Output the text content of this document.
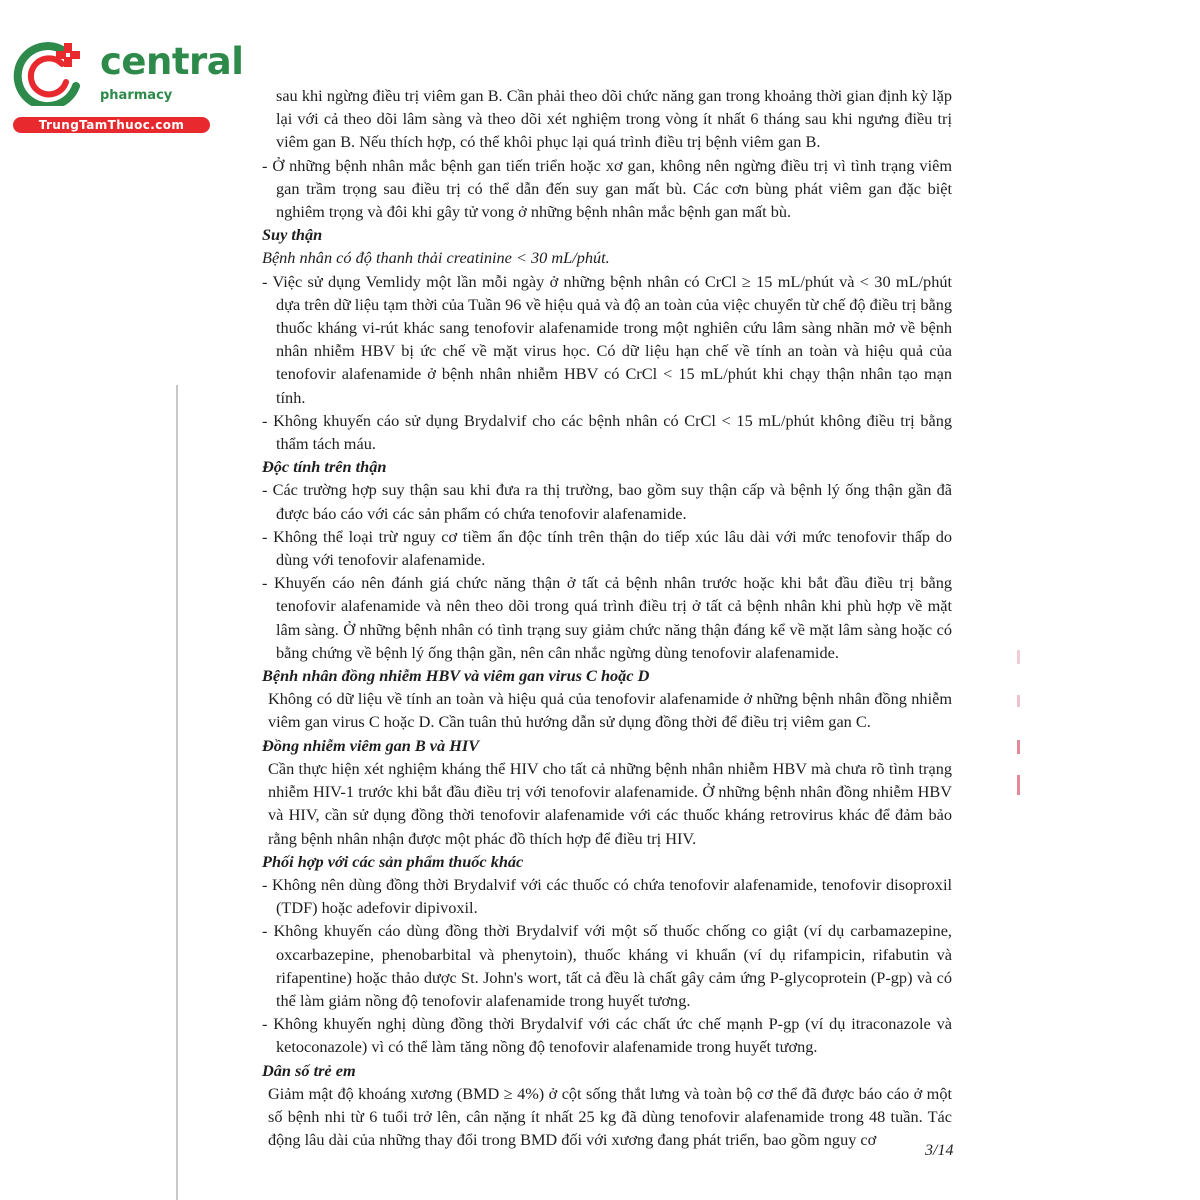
central
pharmacy
TrungTamThuoc.com

sau khi ngừng điều trị viêm gan B. Cần phải theo dõi chức năng gan trong khoảng thời gian định kỳ lặp lại với cả theo dõi lâm sàng và theo dõi xét nghiệm trong vòng ít nhất 6 tháng sau khi ngưng điều trị viêm gan B. Nếu thích hợp, có thể khôi phục lại quá trình điều trị bệnh viêm gan B.

- Ở những bệnh nhân mắc bệnh gan tiến triển hoặc xơ gan, không nên ngừng điều trị vì tình trạng viêm gan trầm trọng sau điều trị có thể dẫn đến suy gan mất bù. Các cơn bùng phát viêm gan đặc biệt nghiêm trọng và đôi khi gây tử vong ở những bệnh nhân mắc bệnh gan mất bù.

Suy thận

Bệnh nhân có độ thanh thải creatinine < 30 mL/phút.

- Việc sử dụng Vemlidy một lần mỗi ngày ở những bệnh nhân có CrCl ≥ 15 mL/phút và < 30 mL/phút dựa trên dữ liệu tạm thời của Tuần 96 về hiệu quả và độ an toàn của việc chuyển từ chế độ điều trị bằng thuốc kháng vi-rút khác sang tenofovir alafenamide trong một nghiên cứu lâm sàng nhãn mở về bệnh nhân nhiễm HBV bị ức chế về mặt virus học. Có dữ liệu hạn chế về tính an toàn và hiệu quả của tenofovir alafenamide ở bệnh nhân nhiễm HBV có CrCl < 15 mL/phút khi chạy thận nhân tạo mạn tính.

- Không khuyến cáo sử dụng Brydalvif cho các bệnh nhân có CrCl < 15 mL/phút không điều trị bằng thẩm tách máu.

Độc tính trên thận

- Các trường hợp suy thận sau khi đưa ra thị trường, bao gồm suy thận cấp và bệnh lý ống thận gần đã được báo cáo với các sản phẩm có chứa tenofovir alafenamide.

- Không thể loại trừ nguy cơ tiềm ẩn độc tính trên thận do tiếp xúc lâu dài với mức tenofovir thấp do dùng với tenofovir alafenamide.

- Khuyến cáo nên đánh giá chức năng thận ở tất cả bệnh nhân trước hoặc khi bắt đầu điều trị bằng tenofovir alafenamide và nên theo dõi trong quá trình điều trị ở tất cả bệnh nhân khi phù hợp về mặt lâm sàng. Ở những bệnh nhân có tình trạng suy giảm chức năng thận đáng kể về mặt lâm sàng hoặc có bằng chứng về bệnh lý ống thận gần, nên cân nhắc ngừng dùng tenofovir alafenamide.

Bệnh nhân đồng nhiễm HBV và viêm gan virus C hoặc D

Không có dữ liệu về tính an toàn và hiệu quả của tenofovir alafenamide ở những bệnh nhân đồng nhiễm viêm gan virus C hoặc D. Cần tuân thủ hướng dẫn sử dụng đồng thời để điều trị viêm gan C.

Đồng nhiễm viêm gan B và HIV

Cần thực hiện xét nghiệm kháng thể HIV cho tất cả những bệnh nhân nhiễm HBV mà chưa rõ tình trạng nhiễm HIV-1 trước khi bắt đầu điều trị với tenofovir alafenamide. Ở những bệnh nhân đồng nhiễm HBV và HIV, cần sử dụng đồng thời tenofovir alafenamide với các thuốc kháng retrovirus khác để đảm bảo rằng bệnh nhân nhận được một phác đồ thích hợp để điều trị HIV.

Phối hợp với các sản phẩm thuốc khác

- Không nên dùng đồng thời Brydalvif với các thuốc có chứa tenofovir alafenamide, tenofovir disoproxil (TDF) hoặc adefovir dipivoxil.

- Không khuyến cáo dùng đồng thời Brydalvif với một số thuốc chống co giật (ví dụ carbamazepine, oxcarbazepine, phenobarbital và phenytoin), thuốc kháng vi khuẩn (ví dụ rifampicin, rifabutin và rifapentine) hoặc thảo dược St. John's wort, tất cả đều là chất gây cảm ứng P-glycoprotein (P-gp) và có thể làm giảm nồng độ tenofovir alafenamide trong huyết tương.

- Không khuyến nghị dùng đồng thời Brydalvif với các chất ức chế mạnh P-gp (ví dụ itraconazole và ketoconazole) vì có thể làm tăng nồng độ tenofovir alafenamide trong huyết tương.

Dân số trẻ em

Giảm mật độ khoáng xương (BMD ≥ 4%) ở cột sống thắt lưng và toàn bộ cơ thể đã được báo cáo ở một số bệnh nhi từ 6 tuổi trở lên, cân nặng ít nhất 25 kg đã dùng tenofovir alafenamide trong 48 tuần. Tác động lâu dài của những thay đổi trong BMD đối với xương đang phát triển, bao gồm nguy cơ

3/14
